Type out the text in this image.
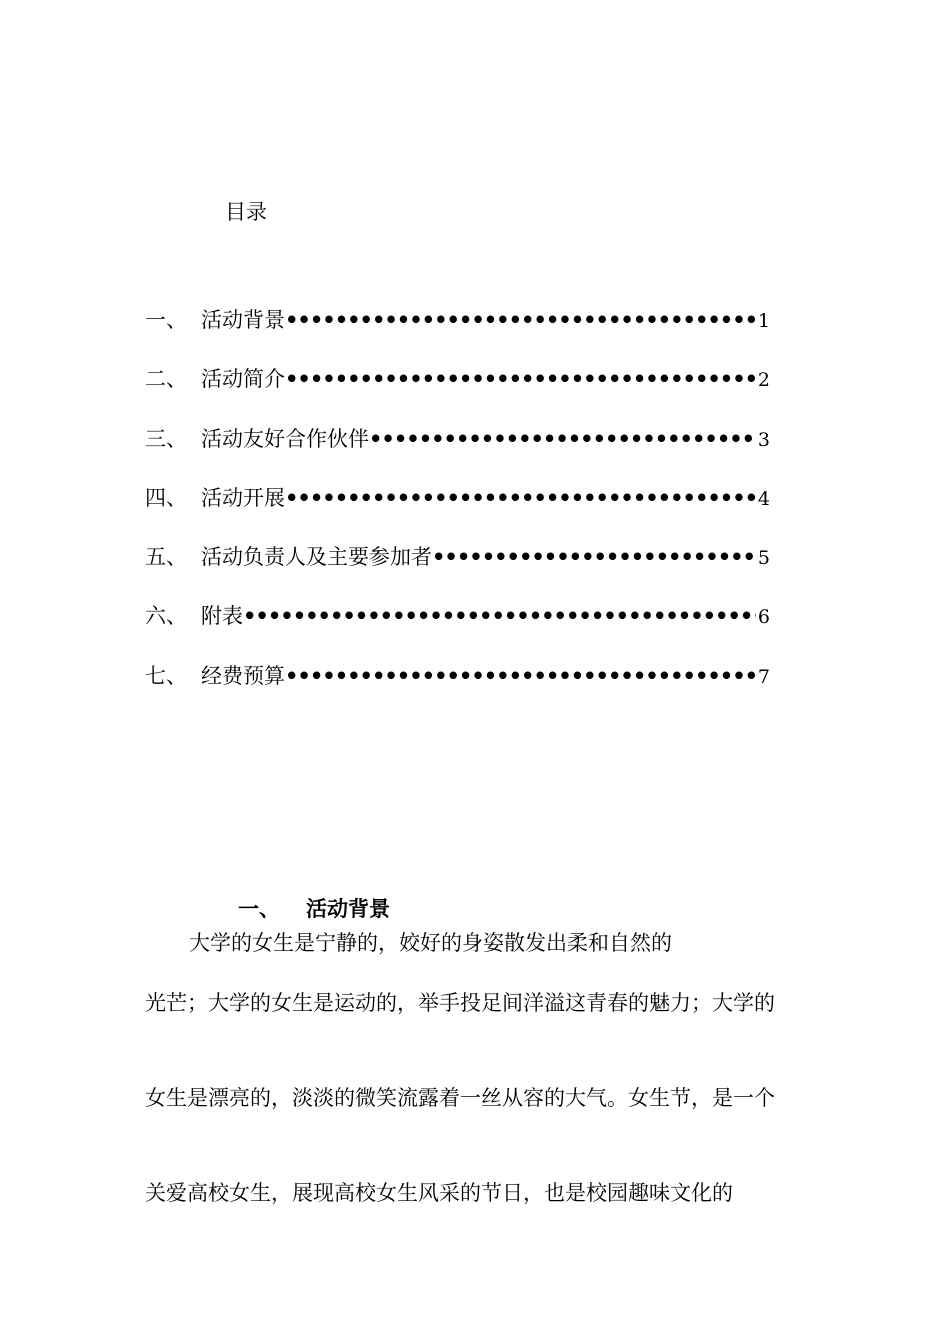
目录
一、 活动背景 •••••	1
二、 活动简介 •••••	2
三、 活动友好合作伙伴 •••••	3
四、 活动开展 •••••	4
五、 活动负责人及主要参加者 •••••	5
六、 附表 •••••	6
七、 经费预算 •••••	7
一、 活动背景

大学的女生是宁静的，姣好的身姿散发出柔和自然的

光芒；大学的女生是运动的，举手投足间洋溢这青春的魅力；大学的

女生是漂亮的，淡淡的微笑流露着一丝从容的大气。女生节，是一个

关爱高校女生，展现高校女生风采的节日，也是校园趣味文化的
